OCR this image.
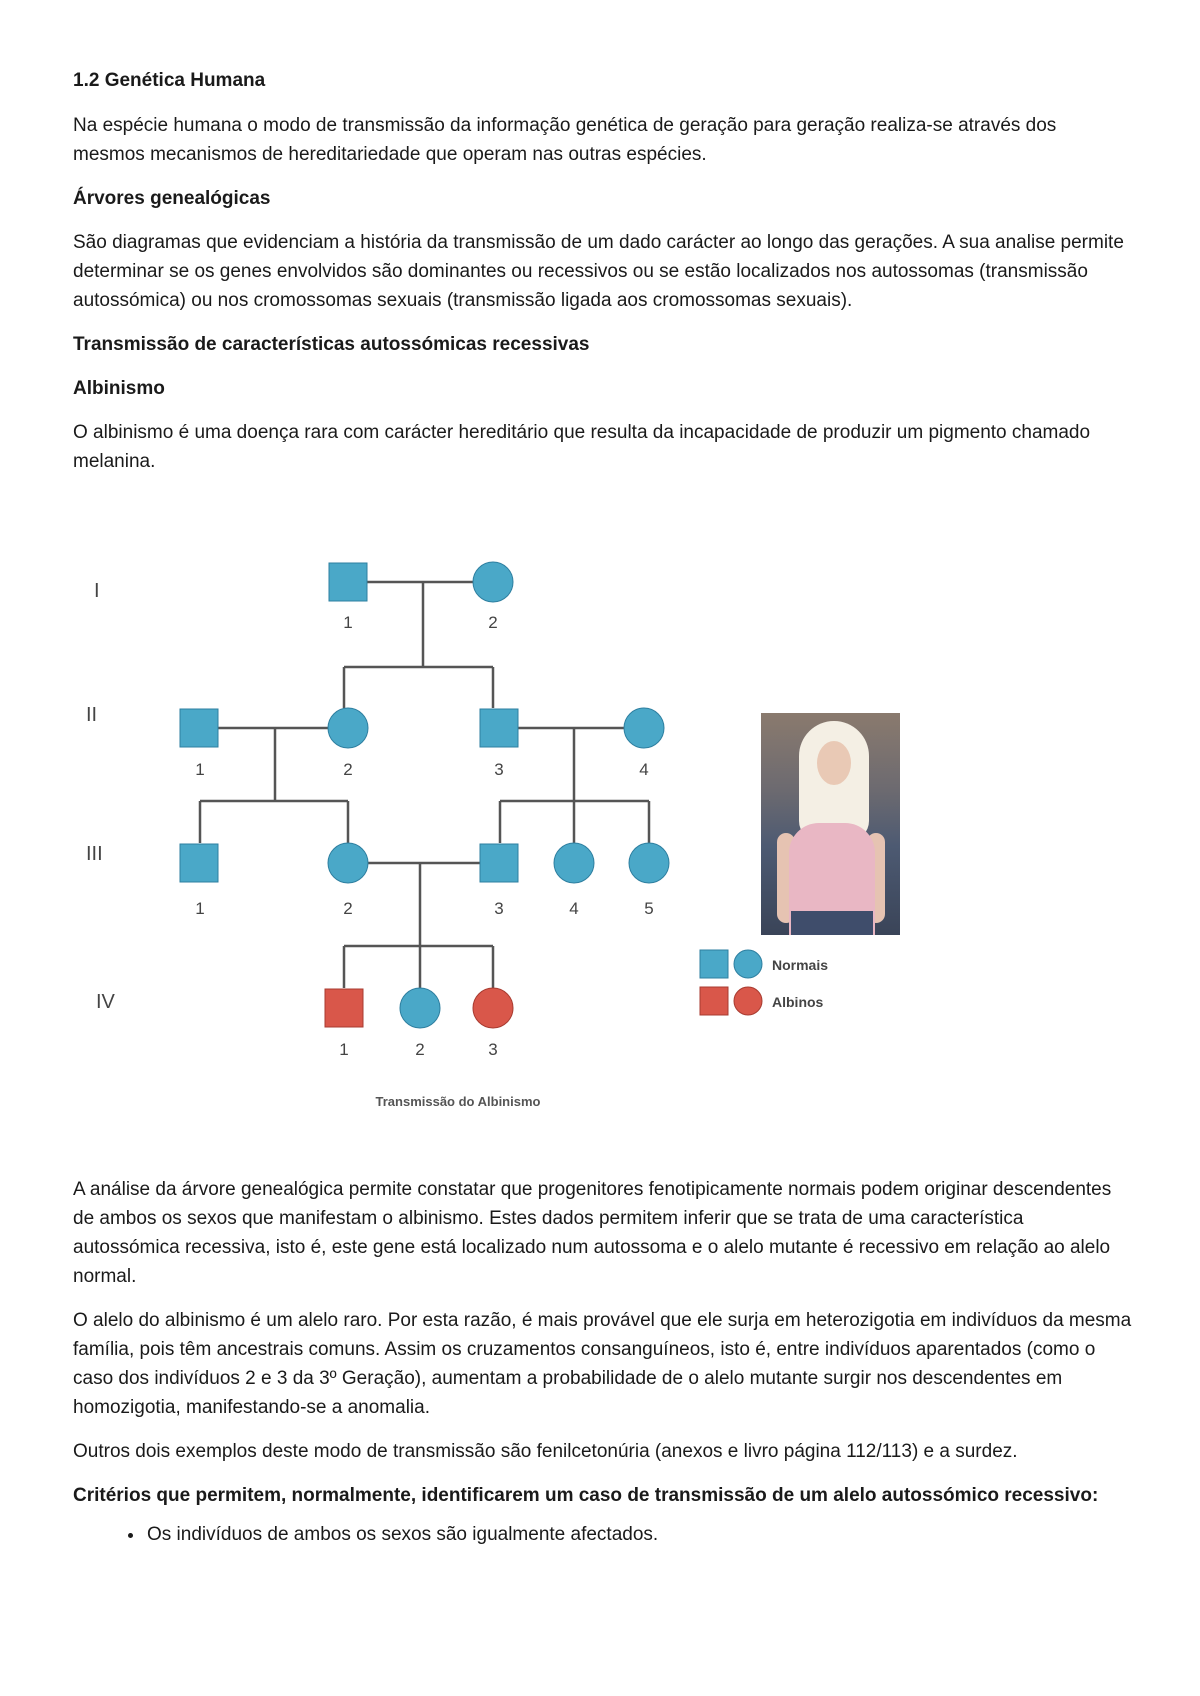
1.2 Genética Humana

Na espécie humana o modo de transmissão da informação genética de geração para geração realiza-se através dos mesmos mecanismos de hereditariedade que operam nas outras espécies.

Árvores genealógicas

São diagramas que evidenciam a história da transmissão de um dado carácter ao longo das gerações. A sua analise permite determinar se os genes envolvidos são dominantes ou recessivos ou se estão localizados nos autossomas (transmissão autossómica) ou nos cromossomas sexuais (transmissão ligada aos cromossomas sexuais).

Transmissão de características autossómicas recessivas
Albinismo

O albinismo é uma doença rara com carácter hereditário que resulta da incapacidade de produzir um pigmento chamado melanina.

I
II
III
IV
1	2
1	2	3	4
1	2	3	4	5
1	2	3
Normais
Albinos
Transmissão do Albinismo

A análise da árvore genealógica permite constatar que progenitores fenotipicamente normais podem originar descendentes de ambos os sexos que manifestam o albinismo. Estes dados permitem inferir que se trata de uma característica autossómica recessiva, isto é, este gene está localizado num autossoma e o alelo mutante é recessivo em relação ao alelo normal.

O alelo do albinismo é um alelo raro. Por esta razão, é mais provável que ele surja em heterozigotia em indivíduos da mesma família, pois têm ancestrais comuns. Assim os cruzamentos consanguíneos, isto é, entre indivíduos aparentados (como o caso dos indivíduos 2 e 3 da 3º Geração), aumentam a probabilidade de o alelo mutante surgir nos descendentes em homozigotia, manifestando-se a anomalia.

Outros dois exemplos deste modo de transmissão são fenilcetonúria (anexos e livro página 112/113) e a surdez.

Critérios que permitem, normalmente, identificarem um caso de transmissão de um alelo autossómico recessivo:
• Os indivíduos de ambos os sexos são igualmente afectados.
